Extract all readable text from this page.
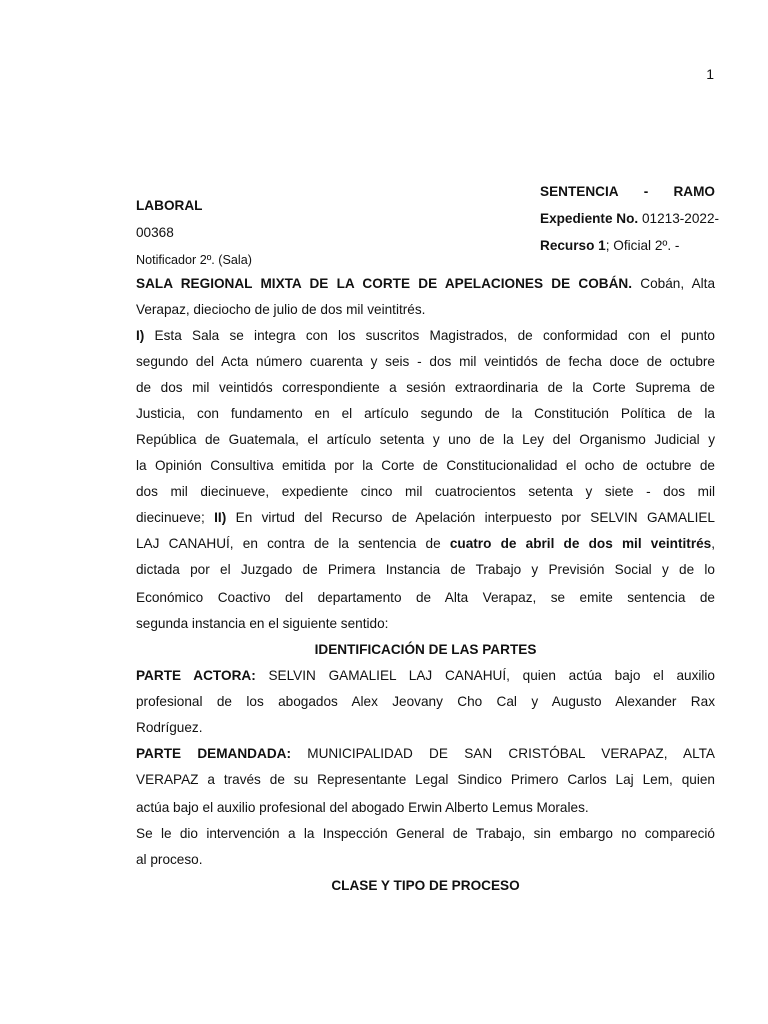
1
SENTENCIA - RAMO
Expediente No. 01213-2022-
Recurso 1; Oficial 2º. -
LABORAL
00368
Notificador 2º. (Sala)
SALA REGIONAL MIXTA DE LA CORTE DE APELACIONES DE COBÁN. Cobán, Alta
Verapaz, dieciocho de julio de dos mil veintitrés.
I) Esta Sala se integra con los suscritos Magistrados, de conformidad con el punto
segundo del Acta número cuarenta y seis - dos mil veintidós de fecha doce de octubre
de dos mil veintidós correspondiente a sesión extraordinaria de la Corte Suprema de
Justicia, con fundamento en el artículo segundo de la Constitución Política de la
República de Guatemala, el artículo setenta y uno de la Ley del Organismo Judicial y
la Opinión Consultiva emitida por la Corte de Constitucionalidad el ocho de octubre de
dos mil diecinueve, expediente cinco mil cuatrocientos setenta y siete - dos mil
diecinueve; II) En virtud del Recurso de Apelación interpuesto por SELVIN GAMALIEL
LAJ CANAHUÍ, en contra de la sentencia de cuatro de abril de dos mil veintitrés,
dictada por el Juzgado de Primera Instancia de Trabajo y Previsión Social y de lo
Económico Coactivo del departamento de Alta Verapaz, se emite sentencia de
segunda instancia en el siguiente sentido:
IDENTIFICACIÓN DE LAS PARTES
PARTE ACTORA: SELVIN GAMALIEL LAJ CANAHUÍ, quien actúa bajo el auxilio
profesional de los abogados Alex Jeovany Cho Cal y Augusto Alexander Rax
Rodríguez.
PARTE DEMANDADA: MUNICIPALIDAD DE SAN CRISTÓBAL VERAPAZ, ALTA
VERAPAZ a través de su Representante Legal Sindico Primero Carlos Laj Lem, quien
actúa bajo el auxilio profesional del abogado Erwin Alberto Lemus Morales.
Se le dio intervención a la Inspección General de Trabajo, sin embargo no compareció
al proceso.
CLASE Y TIPO DE PROCESO
